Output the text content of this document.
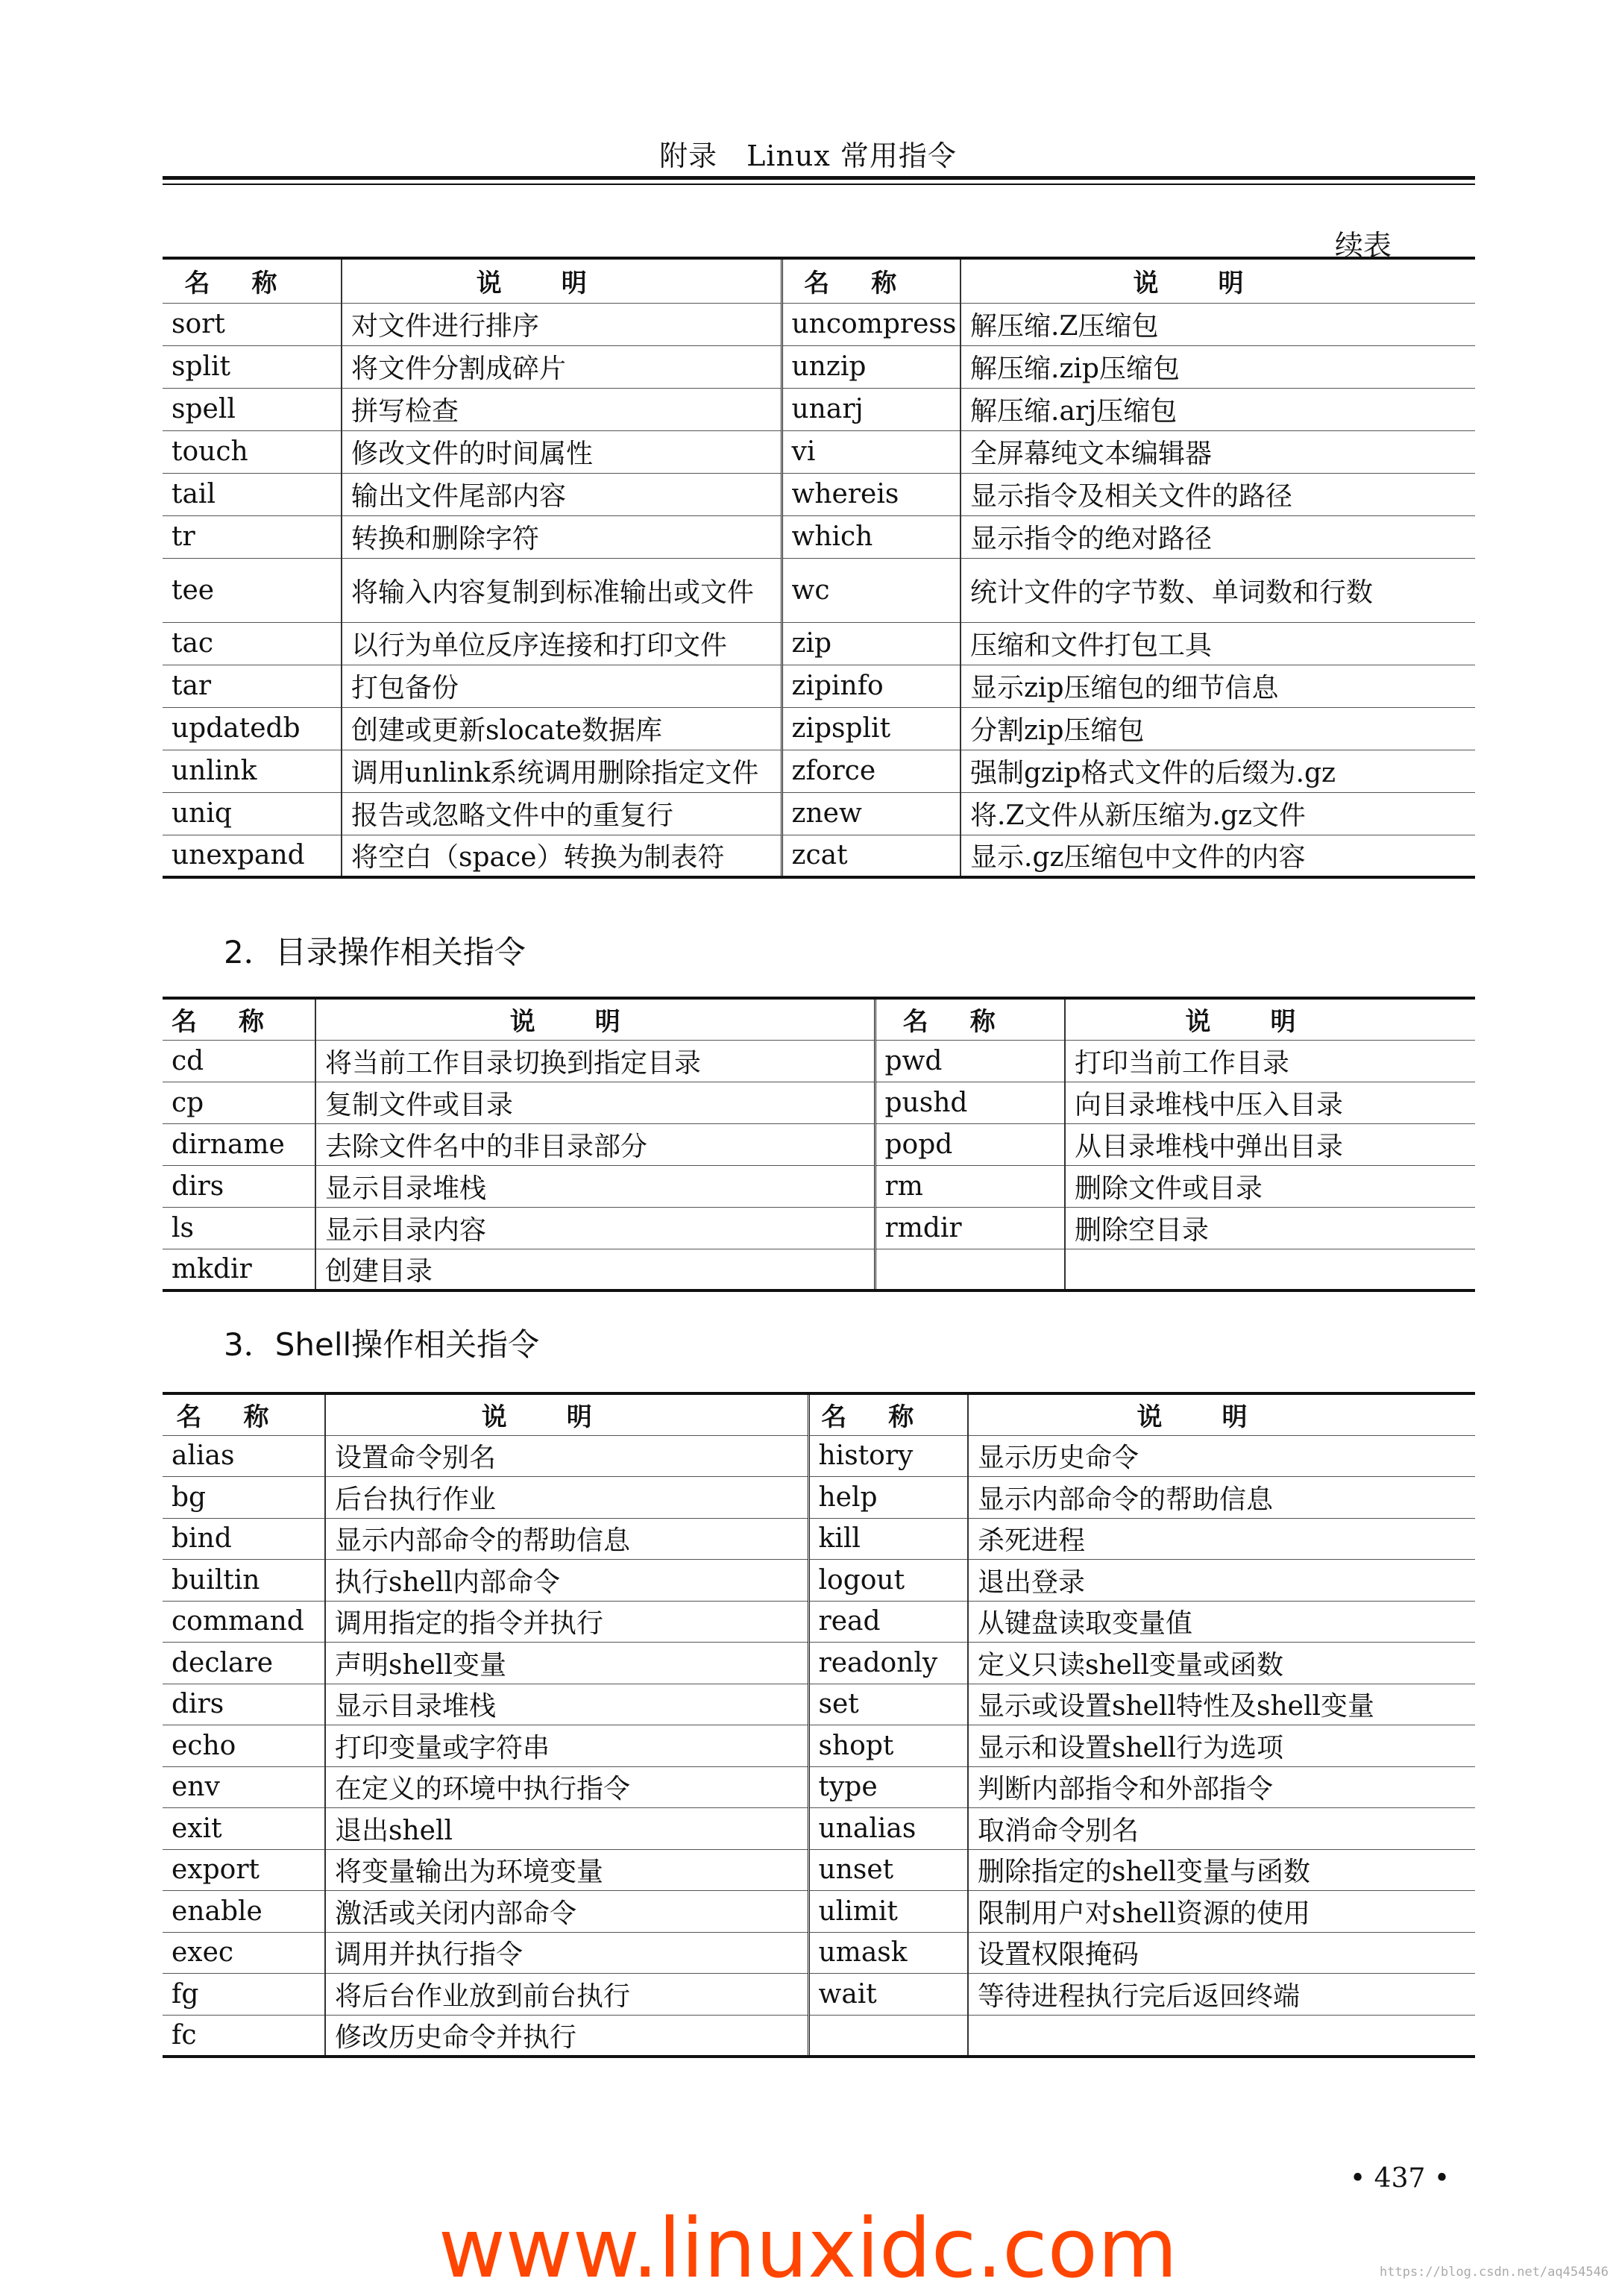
附录　Linux 常用指令
续表
名称	说明	名称	说明
sort	对文件进行排序	uncompress	解压缩.Z压缩包
split	将文件分割成碎片	unzip	解压缩.zip压缩包
spell	拼写检查	unarj	解压缩.arj压缩包
touch	修改文件的时间属性	vi	全屏幕纯文本编辑器
tail	输出文件尾部内容	whereis	显示指令及相关文件的路径
tr	转换和删除字符	which	显示指令的绝对路径
tee	将输入内容复制到标准输出或文件	wc	统计文件的字节数、单词数和行数
tac	以行为单位反序连接和打印文件	zip	压缩和文件打包工具
tar	打包备份	zipinfo	显示zip压缩包的细节信息
updatedb	创建或更新slocate数据库	zipsplit	分割zip压缩包
unlink	调用unlink系统调用删除指定文件	zforce	强制gzip格式文件的后缀为.gz
uniq	报告或忽略文件中的重复行	znew	将.Z文件从新压缩为.gz文件
unexpand	将空白（space）转换为制表符	zcat	显示.gz压缩包中文件的内容
2．目录操作相关指令
名称	说明	名称	说明
cd	将当前工作目录切换到指定目录	pwd	打印当前工作目录
cp	复制文件或目录	pushd	向目录堆栈中压入目录
dirname	去除文件名中的非目录部分	popd	从目录堆栈中弹出目录
dirs	显示目录堆栈	rm	删除文件或目录
ls	显示目录内容	rmdir	删除空目录
mkdir	创建目录		
3．Shell操作相关指令
名称	说明	名称	说明
alias	设置命令别名	history	显示历史命令
bg	后台执行作业	help	显示内部命令的帮助信息
bind	显示内部命令的帮助信息	kill	杀死进程
builtin	执行shell内部命令	logout	退出登录
command	调用指定的指令并执行	read	从键盘读取变量值
declare	声明shell变量	readonly	定义只读shell变量或函数
dirs	显示目录堆栈	set	显示或设置shell特性及shell变量
echo	打印变量或字符串	shopt	显示和设置shell行为选项
env	在定义的环境中执行指令	type	判断内部指令和外部指令
exit	退出shell	unalias	取消命令别名
export	将变量输出为环境变量	unset	删除指定的shell变量与函数
enable	激活或关闭内部命令	ulimit	限制用户对shell资源的使用
exec	调用并执行指令	umask	设置权限掩码
fg	将后台作业放到前台执行	wait	等待进程执行完后返回终端
fc	修改历史命令并执行		
• 437 •
www.linuxidc.com	https://blog.csdn.net/aq454546
